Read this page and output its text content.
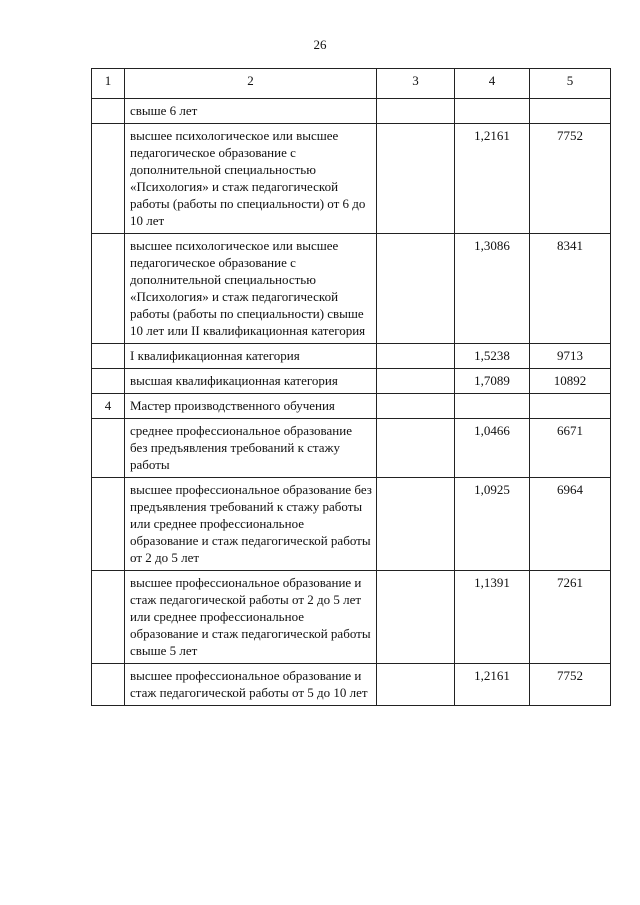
26
1	2	3	4	5
	свыше 6 лет			
	высшее психологическое или высшее педагогическое образование с дополнительной специальностью «Психология» и стаж педагогической работы (работы по специальности) от 6 до 10 лет		1,2161	7752
	высшее психологическое или высшее педагогическое образование с дополнительной специальностью «Психология» и стаж педагогической работы (работы по специальности) свыше 10 лет или II квалификационная категория		1,3086	8341
	I квалификационная категория		1,5238	9713
	высшая квалификационная категория		1,7089	10892
4	Мастер производственного обучения			
	среднее профессиональное образование без предъявления требований к стажу работы		1,0466	6671
	высшее профессиональное образование без предъявления требований к стажу работы или среднее профессиональное образование и стаж педагогической работы от 2 до 5 лет		1,0925	6964
	высшее профессиональное образование и стаж педагогической работы от 2 до 5 лет или среднее профессиональное образование и стаж педагогической работы свыше 5 лет		1,1391	7261
	высшее профессиональное образование и стаж педагогической работы от 5 до 10 лет		1,2161	7752
